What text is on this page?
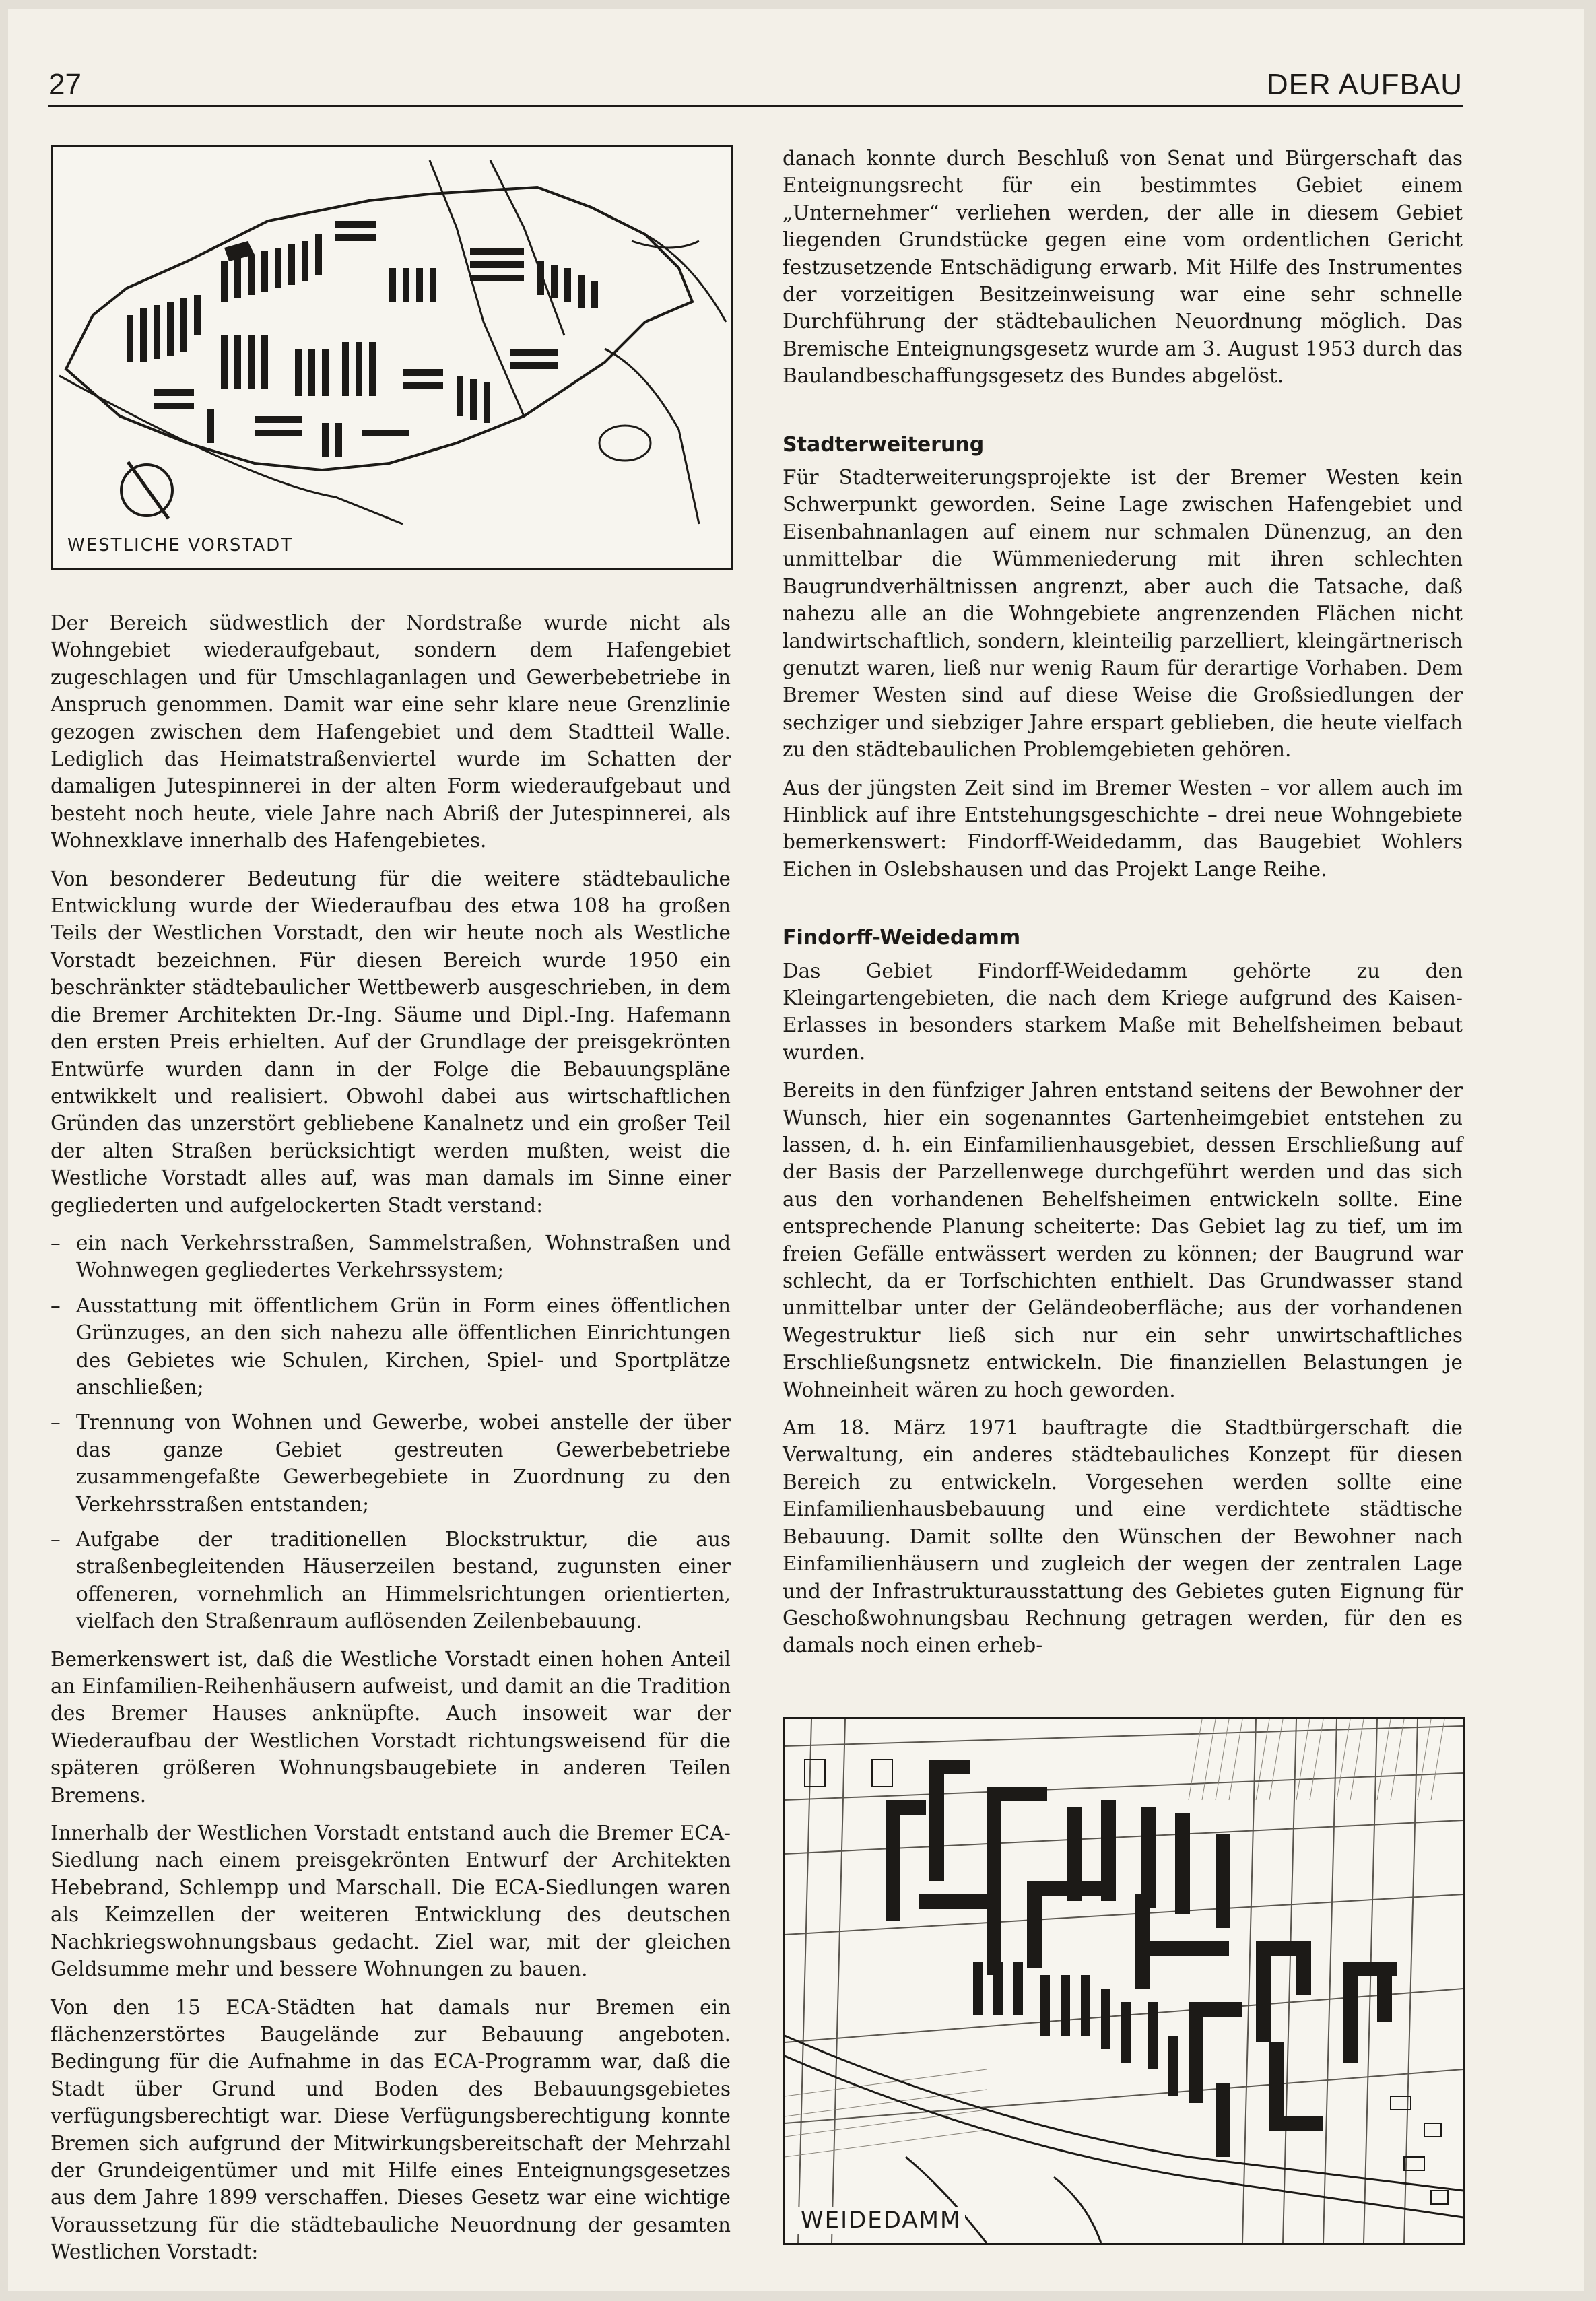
27	DER AUFBAU
WESTLICHE VORSTADT

Der Bereich südwestlich der Nordstraße wurde nicht als Wohngebiet wiederaufgebaut, sondern dem Hafengebiet zugeschlagen und für Umschlaganlagen und Gewerbebetriebe in Anspruch genommen. Damit war eine sehr klare neue Grenzlinie gezogen zwischen dem Hafengebiet und dem Stadtteil Walle. Lediglich das Heimatstraßenviertel wurde im Schatten der damaligen Jutespinnerei in der alten Form wiederaufgebaut und besteht noch heute, viele Jahre nach Abriß der Jutespinnerei, als Wohnexklave innerhalb des Hafengebietes.

Von besonderer Bedeutung für die weitere städtebauliche Entwicklung wurde der Wiederaufbau des etwa 108 ha großen Teils der Westlichen Vorstadt, den wir heute noch als Westliche Vorstadt bezeichnen. Für diesen Bereich wurde 1950 ein beschränkter städtebaulicher Wettbewerb ausgeschrieben, in dem die Bremer Architekten Dr.-Ing. Säume und Dipl.-Ing. Hafemann den ersten Preis erhielten. Auf der Grundlage der preisgekrönten Entwürfe wurden dann in der Folge die Bebauungspläne entwikkelt und realisiert. Obwohl dabei aus wirtschaftlichen Gründen das unzerstört gebliebene Kanalnetz und ein großer Teil der alten Straßen berücksichtigt werden mußten, weist die Westliche Vorstadt alles auf, was man damals im Sinne einer gegliederten und aufgelockerten Stadt verstand:

– ein nach Verkehrsstraßen, Sammelstraßen, Wohnstraßen und Wohnwegen gegliedertes Verkehrssystem;
– Ausstattung mit öffentlichem Grün in Form eines öffentlichen Grünzuges, an den sich nahezu alle öffentlichen Einrichtungen des Gebietes wie Schulen, Kirchen, Spiel- und Sportplätze anschließen;
– Trennung von Wohnen und Gewerbe, wobei anstelle der über das ganze Gebiet gestreuten Gewerbebetriebe zusammengefaßte Gewerbegebiete in Zuordnung zu den Verkehrsstraßen entstanden;
– Aufgabe der traditionellen Blockstruktur, die aus straßenbegleitenden Häuserzeilen bestand, zugunsten einer offeneren, vornehmlich an Himmelsrichtungen orientierten, vielfach den Straßenraum auflösenden Zeilenbebauung.

Bemerkenswert ist, daß die Westliche Vorstadt einen hohen Anteil an Einfamilien-Reihenhäusern aufweist, und damit an die Tradition des Bremer Hauses anknüpfte. Auch insoweit war der Wiederaufbau der Westlichen Vorstadt richtungsweisend für die späteren größeren Wohnungsbaugebiete in anderen Teilen Bremens.

Innerhalb der Westlichen Vorstadt entstand auch die Bremer ECA-Siedlung nach einem preisgekrönten Entwurf der Architekten Hebebrand, Schlempp und Marschall. Die ECA-Siedlungen waren als Keimzellen der weiteren Entwicklung des deutschen Nachkriegswohnungsbaus gedacht. Ziel war, mit der gleichen Geldsumme mehr und bessere Wohnungen zu bauen.

Von den 15 ECA-Städten hat damals nur Bremen ein flächenzerstörtes Baugelände zur Bebauung angeboten. Bedingung für die Aufnahme in das ECA-Programm war, daß die Stadt über Grund und Boden des Bebauungsgebietes verfügungsberechtigt war. Diese Verfügungsberechtigung konnte Bremen sich aufgrund der Mitwirkungsbereitschaft der Mehrzahl der Grundeigentümer und mit Hilfe eines Enteignungsgesetzes aus dem Jahre 1899 verschaffen. Dieses Gesetz war eine wichtige Voraussetzung für die städtebauliche Neuordnung der gesamten Westlichen Vorstadt:

danach konnte durch Beschluß von Senat und Bürgerschaft das Enteignungsrecht für ein bestimmtes Gebiet einem „Unternehmer“ verliehen werden, der alle in diesem Gebiet liegenden Grundstücke gegen eine vom ordentlichen Gericht festzusetzende Entschädigung erwarb. Mit Hilfe des Instrumentes der vorzeitigen Besitzeinweisung war eine sehr schnelle Durchführung der städtebaulichen Neuordnung möglich. Das Bremische Enteignungsgesetz wurde am 3. August 1953 durch das Baulandbeschaffungsgesetz des Bundes abgelöst.

Stadterweiterung

Für Stadterweiterungsprojekte ist der Bremer Westen kein Schwerpunkt geworden. Seine Lage zwischen Hafengebiet und Eisenbahnanlagen auf einem nur schmalen Dünenzug, an den unmittelbar die Wümmeniederung mit ihren schlechten Baugrundverhältnissen angrenzt, aber auch die Tatsache, daß nahezu alle an die Wohngebiete angrenzenden Flächen nicht landwirtschaftlich, sondern, kleinteilig parzelliert, kleingärtnerisch genutzt waren, ließ nur wenig Raum für derartige Vorhaben. Dem Bremer Westen sind auf diese Weise die Großsiedlungen der sechziger und siebziger Jahre erspart geblieben, die heute vielfach zu den städtebaulichen Problemgebieten gehören.

Aus der jüngsten Zeit sind im Bremer Westen – vor allem auch im Hinblick auf ihre Entstehungsgeschichte – drei neue Wohngebiete bemerkenswert: Findorff-Weidedamm, das Baugebiet Wohlers Eichen in Oslebshausen und das Projekt Lange Reihe.

Findorff-Weidedamm

Das Gebiet Findorff-Weidedamm gehörte zu den Kleingartengebieten, die nach dem Kriege aufgrund des Kaisen-Erlasses in besonders starkem Maße mit Behelfsheimen bebaut wurden.

Bereits in den fünfziger Jahren entstand seitens der Bewohner der Wunsch, hier ein sogenanntes Gartenheimgebiet entstehen zu lassen, d. h. ein Einfamilienhausgebiet, dessen Erschließung auf der Basis der Parzellenwege durchgeführt werden und das sich aus den vorhandenen Behelfsheimen entwickeln sollte. Eine entsprechende Planung scheiterte: Das Gebiet lag zu tief, um im freien Gefälle entwässert werden zu können; der Baugrund war schlecht, da er Torfschichten enthielt. Das Grundwasser stand unmittelbar unter der Geländeoberfläche; aus der vorhandenen Wegestruktur ließ sich nur ein sehr unwirtschaftliches Erschließungsnetz entwickeln. Die finanziellen Belastungen je Wohneinheit wären zu hoch geworden.

Am 18. März 1971 bauftragte die Stadtbürgerschaft die Verwaltung, ein anderes städtebauliches Konzept für diesen Bereich zu entwickeln. Vorgesehen werden sollte eine Einfamilienhausbebauung und eine verdichtete städtische Bebauung. Damit sollte den Wünschen der Bewohner nach Einfamilienhäusern und zugleich der wegen der zentralen Lage und der Infrastrukturausstattung des Gebietes guten Eignung für Geschoßwohnungsbau Rechnung getragen werden, für den es damals noch einen erheb-

WEIDEDAMM
